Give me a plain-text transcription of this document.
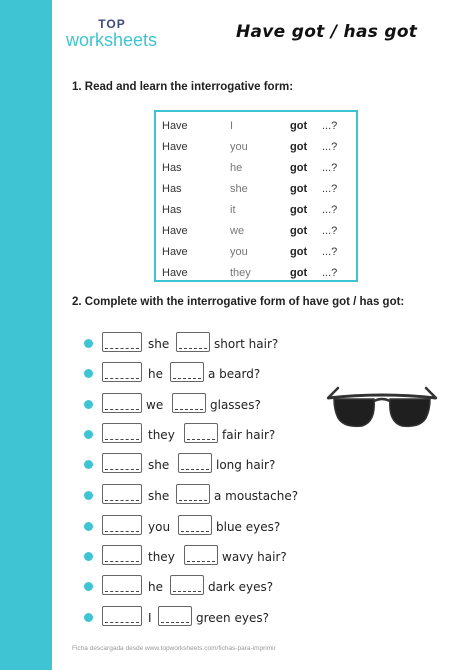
TOP
worksheets	Have got / has got
1. Read and learn the interrogative form:
Have	I	got ...?
Have	you	got ...?
Has	he	got ...?
Has	she	got ...?
Has	it	got ...?
Have	we	got ...?
Have	you	got ...?
Have	they	got ...?
2. Complete with the interrogative form of have got / has got:
she	short hair?
he	a beard?
we	glasses?
they	fair hair?
she	long hair?
she	a moustache?
you	blue eyes?
they	wavy hair?
he	dark eyes?
I	green eyes?
Ficha descargada desde www.topworksheets.com/fichas-para-imprimir
